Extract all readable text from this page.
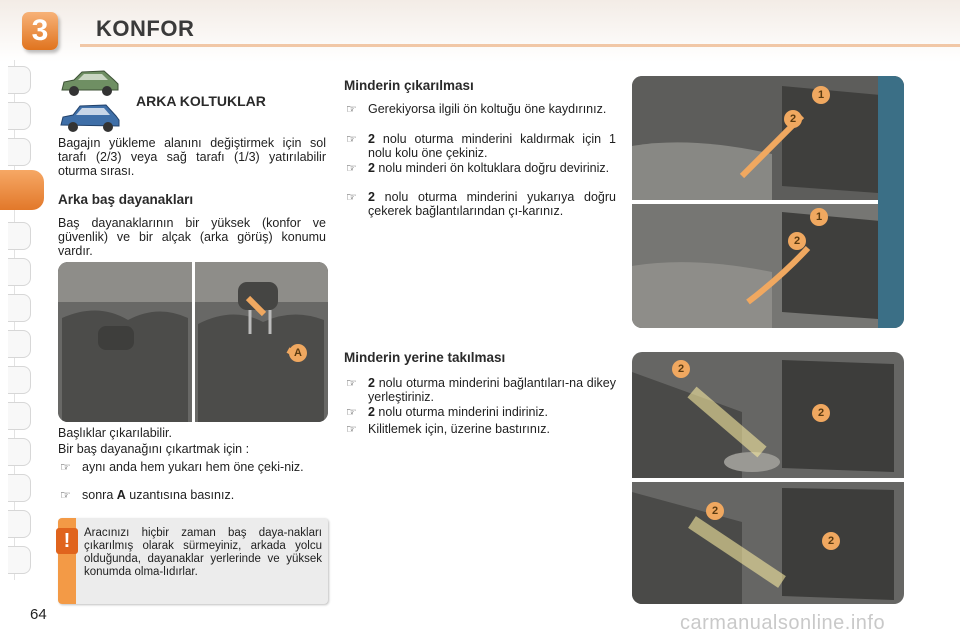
3	KONFOR
ARKA KOLTUKLAR
Bagajın yükleme alanını değiştirmek için sol tarafı (2/3) veya sağ tarafı (1/3) yatırılabilir oturma sırası.
Arka baş dayanakları
Baş dayanaklarının bir yüksek (konfor ve güvenlik) ve bir alçak (arka görüş) konumu vardır.
A
Başlıklar çıkarılabilir.
Bir baş dayanağını çıkartmak için :
☞ aynı anda hem yukarı hem öne çeki-niz.
☞ sonra A uzantısına basınız.
!	Aracınızı hiçbir zaman baş daya-nakları çıkarılmış olarak sürmeyiniz, arkada yolcu olduğunda, dayanaklar yerlerinde ve yüksek konumda olma-lıdırlar.
Minderin çıkarılması
☞ Gerekiyorsa ilgili ön koltuğu öne kaydırınız.
☞ 2 nolu oturma minderini kaldırmak için 1 nolu kolu öne çekiniz.
☞ 2 nolu minderi ön koltuklara doğru deviriniz.
☞ 2 nolu oturma minderini yukarıya doğru çekerek bağlantılarından çı-karınız.
Minderin yerine takılması
☞ 2 nolu oturma minderini bağlantıları-na dikey yerleştiriniz.
☞ 2 nolu oturma minderini indiriniz.
☞ Kilitlemek için, üzerine bastırınız.
1
2
1
2
2
2
2
2
64	carmanualsonline.info
